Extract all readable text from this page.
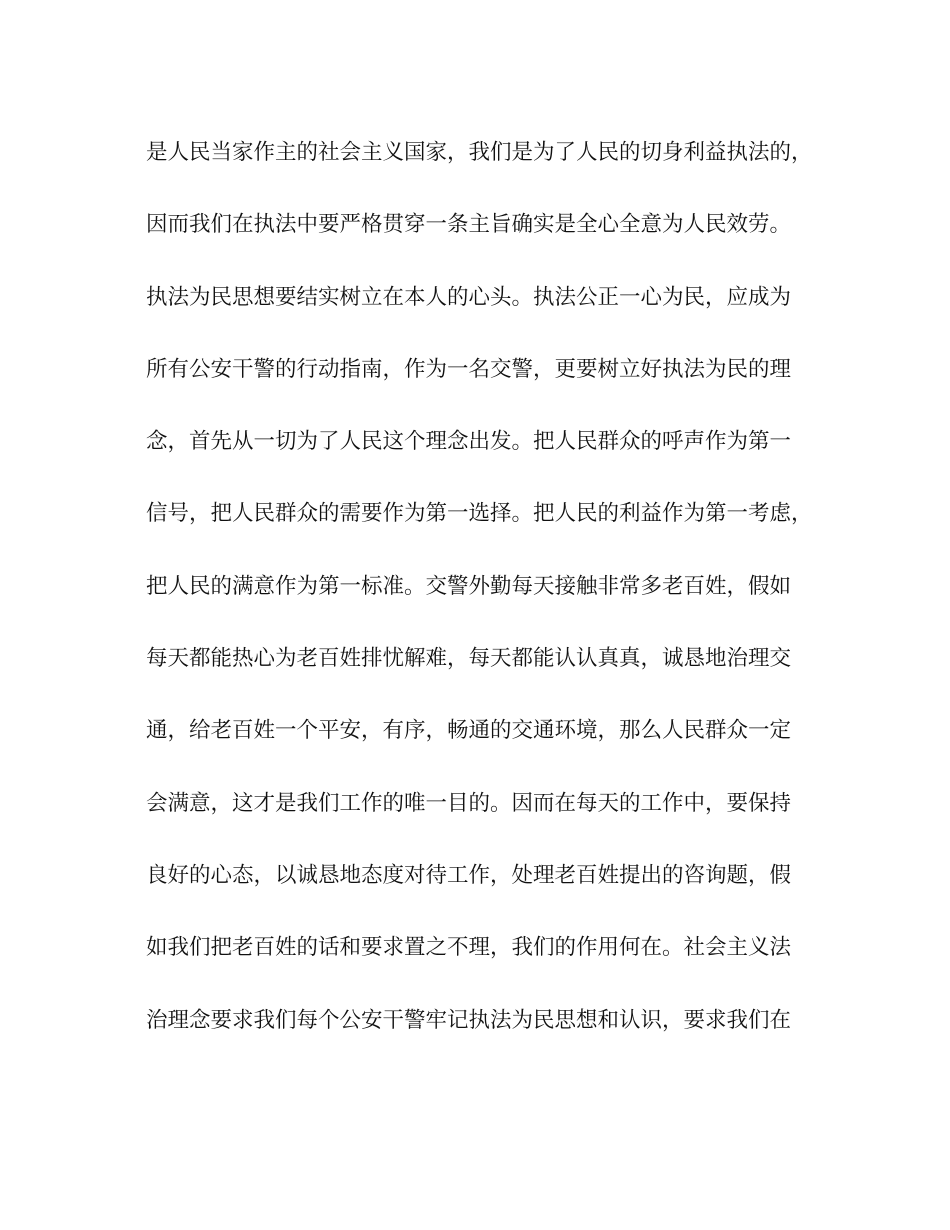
是人民当家作主的社会主义国家，我们是为了人民的切身利益执法的，
因而我们在执法中要严格贯穿一条主旨确实是全心全意为人民效劳。
执法为民思想要结实树立在本人的心头。执法公正一心为民，应成为
所有公安干警的行动指南，作为一名交警，更要树立好执法为民的理
念，首先从一切为了人民这个理念出发。把人民群众的呼声作为第一
信号，把人民群众的需要作为第一选择。把人民的利益作为第一考虑，
把人民的满意作为第一标准。交警外勤每天接触非常多老百姓，假如
每天都能热心为老百姓排忧解难，每天都能认认真真，诚恳地治理交
通，给老百姓一个平安，有序，畅通的交通环境，那么人民群众一定
会满意，这才是我们工作的唯一目的。因而在每天的工作中，要保持
良好的心态，以诚恳地态度对待工作，处理老百姓提出的咨询题，假
如我们把老百姓的话和要求置之不理，我们的作用何在。社会主义法
治理念要求我们每个公安干警牢记执法为民思想和认识，要求我们在
